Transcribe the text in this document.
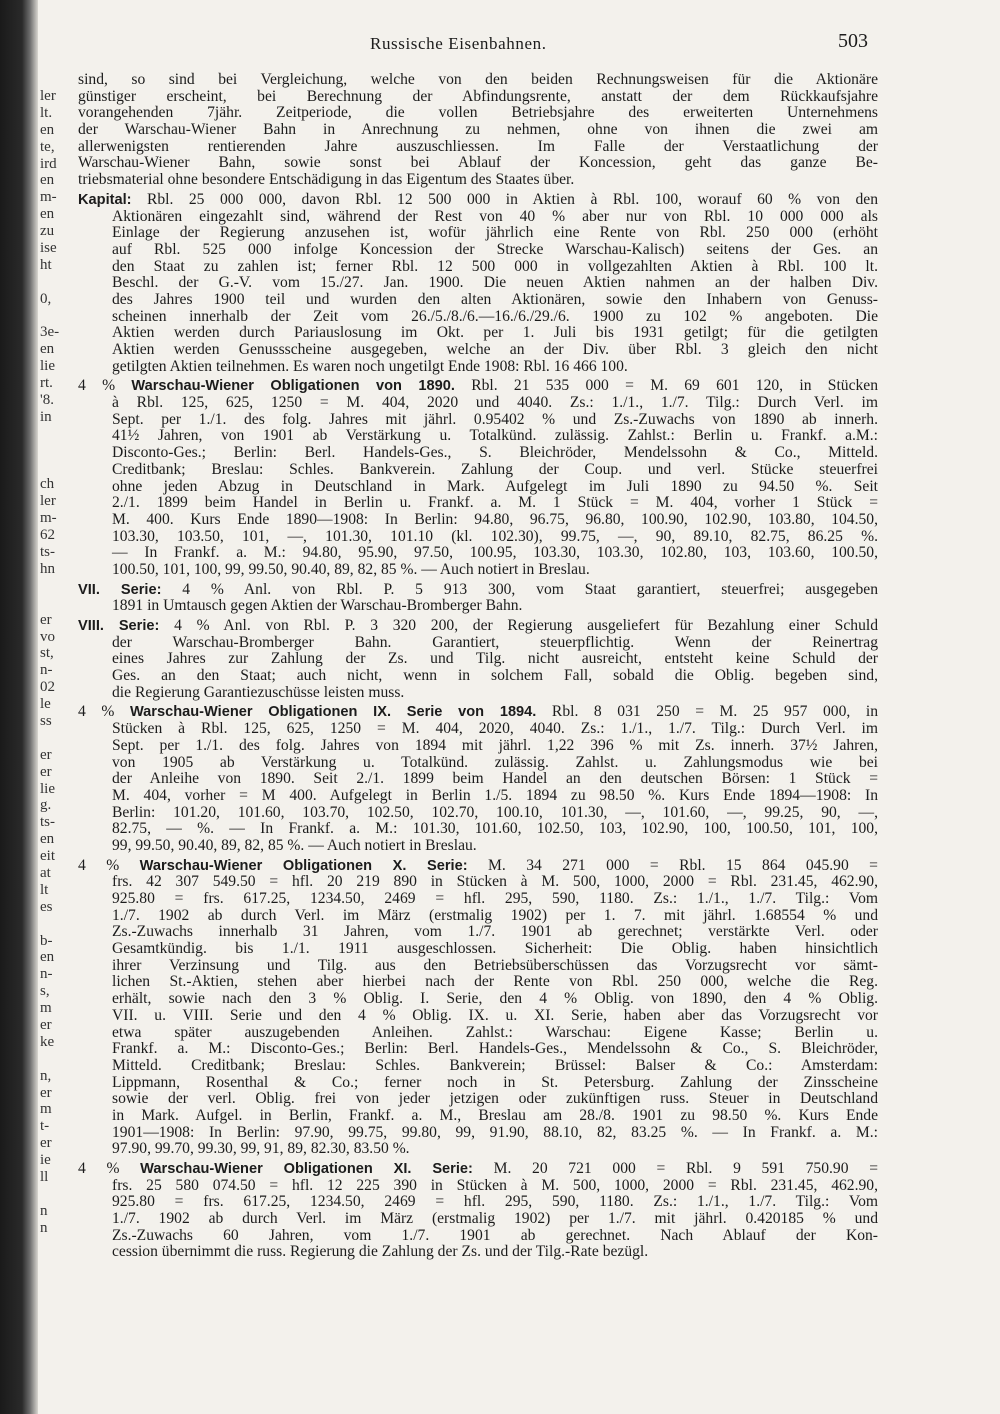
ler
lt.
en
te,
ird
en
m-
en
zu
ise
ht
0,
3e-
en
lie
rt.
'8.
in
ch
ler
m-
62
ts-
hn
er
vo
st,
n-
02
le
ss
er
er
lie
g.
ts-
en
eit
at
lt
es
b-
en
n-
s,
m
er
ke
n,
er
m
t-
er
ie
ll
n
n
Russische Eisenbahnen.	503
sind, so sind bei Vergleichung, welche von den beiden Rechnungsweisen für die Aktionäre
günstiger erscheint, bei Berechnung der Abfindungsrente, anstatt der dem Rückkaufsjahre
vorangehenden 7jähr. Zeitperiode, die vollen Betriebsjahre des erweiterten Unternehmens
der Warschau-Wiener Bahn in Anrechnung zu nehmen, ohne von ihnen die zwei am
allerwenigsten rentierenden Jahre auszuschliessen. Im Falle der Verstaatlichung der
Warschau-Wiener Bahn, sowie sonst bei Ablauf der Koncession, geht das ganze Be-
triebsmaterial ohne besondere Entschädigung in das Eigentum des Staates über.
Kapital: Rbl. 25 000 000, davon Rbl. 12 500 000 in Aktien à Rbl. 100, worauf 60 % von den
Aktionären eingezahlt sind, während der Rest von 40 % aber nur von Rbl. 10 000 000 als
Einlage der Regierung anzusehen ist, wofür jährlich eine Rente von Rbl. 250 000 (erhöht
auf Rbl. 525 000 infolge Koncession der Strecke Warschau-Kalisch) seitens der Ges. an
den Staat zu zahlen ist; ferner Rbl. 12 500 000 in vollgezahlten Aktien à Rbl. 100 lt.
Beschl. der G.-V. vom 15./27. Jan. 1900. Die neuen Aktien nahmen an der halben Div.
des Jahres 1900 teil und wurden den alten Aktionären, sowie den Inhabern von Genuss-
scheinen innerhalb der Zeit vom 26./5./8./6.—16./6./29./6. 1900 zu 102 % angeboten. Die
Aktien werden durch Pariauslosung im Okt. per 1. Juli bis 1931 getilgt; für die getilgten
Aktien werden Genussscheine ausgegeben, welche an der Div. über Rbl. 3 gleich den nicht
getilgten Aktien teilnehmen. Es waren noch ungetilgt Ende 1908: Rbl. 16 466 100.
4 % Warschau-Wiener Obligationen von 1890. Rbl. 21 535 000 = M. 69 601 120, in Stücken
à Rbl. 125, 625, 1250 = M. 404, 2020 und 4040. Zs.: 1./1., 1./7. Tilg.: Durch Verl. im
Sept. per 1./1. des folg. Jahres mit jährl. 0.95402 % und Zs.-Zuwachs von 1890 ab innerh.
41½ Jahren, von 1901 ab Verstärkung u. Totalkünd. zulässig. Zahlst.: Berlin u. Frankf. a.M.:
Disconto-Ges.; Berlin: Berl. Handels-Ges., S. Bleichröder, Mendelssohn & Co., Mitteld.
Creditbank; Breslau: Schles. Bankverein. Zahlung der Coup. und verl. Stücke steuerfrei
ohne jeden Abzug in Deutschland in Mark. Aufgelegt im Juli 1890 zu 94.50 %. Seit
2./1. 1899 beim Handel in Berlin u. Frankf. a. M. 1 Stück = M. 404, vorher 1 Stück =
M. 400. Kurs Ende 1890—1908: In Berlin: 94.80, 96.75, 96.80, 100.90, 102.90, 103.80, 104.50,
103.30, 103.50, 101, —, 101.30, 101.10 (kl. 102.30), 99.75, —, 90, 89.10, 82.75, 86.25 %.
— In Frankf. a. M.: 94.80, 95.90, 97.50, 100.95, 103.30, 103.30, 102.80, 103, 103.60, 100.50,
100.50, 101, 100, 99, 99.50, 90.40, 89, 82, 85 %. — Auch notiert in Breslau.
VII. Serie: 4 % Anl. von Rbl. P. 5 913 300, vom Staat garantiert, steuerfrei; ausgegeben
1891 in Umtausch gegen Aktien der Warschau-Bromberger Bahn.
VIII. Serie: 4 % Anl. von Rbl. P. 3 320 200, der Regierung ausgeliefert für Bezahlung einer Schuld
der Warschau-Bromberger Bahn. Garantiert, steuerpflichtig. Wenn der Reinertrag
eines Jahres zur Zahlung der Zs. und Tilg. nicht ausreicht, entsteht keine Schuld der
Ges. an den Staat; auch nicht, wenn in solchem Fall, sobald die Oblig. begeben sind,
die Regierung Garantiezuschüsse leisten muss.
4 % Warschau-Wiener Obligationen IX. Serie von 1894. Rbl. 8 031 250 = M. 25 957 000, in
Stücken à Rbl. 125, 625, 1250 = M. 404, 2020, 4040. Zs.: 1./1., 1./7. Tilg.: Durch Verl. im
Sept. per 1./1. des folg. Jahres von 1894 mit jährl. 1,22 396 % mit Zs. innerh. 37½ Jahren,
von 1905 ab Verstärkung u. Totalkünd. zulässig. Zahlst. u. Zahlungsmodus wie bei
der Anleihe von 1890. Seit 2./1. 1899 beim Handel an den deutschen Börsen: 1 Stück =
M. 404, vorher = M 400. Aufgelegt in Berlin 1./5. 1894 zu 98.50 %. Kurs Ende 1894—1908: In
Berlin: 101.20, 101.60, 103.70, 102.50, 102.70, 100.10, 101.30, —, 101.60, —, 99.25, 90, —,
82.75, — %. — In Frankf. a. M.: 101.30, 101.60, 102.50, 103, 102.90, 100, 100.50, 101, 100,
99, 99.50, 90.40, 89, 82, 85 %. — Auch notiert in Breslau.
4 % Warschau-Wiener Obligationen X. Serie: M. 34 271 000 = Rbl. 15 864 045.90 =
frs. 42 307 549.50 = hfl. 20 219 890 in Stücken à M. 500, 1000, 2000 = Rbl. 231.45, 462.90,
925.80 = frs. 617.25, 1234.50, 2469 = hfl. 295, 590, 1180. Zs.: 1./1., 1./7. Tilg.: Vom
1./7. 1902 ab durch Verl. im März (erstmalig 1902) per 1. 7. mit jährl. 1.68554 % und
Zs.-Zuwachs innerhalb 31 Jahren, vom 1./7. 1901 ab gerechnet; verstärkte Verl. oder
Gesamtkündig. bis 1./1. 1911 ausgeschlossen. Sicherheit: Die Oblig. haben hinsichtlich
ihrer Verzinsung und Tilg. aus den Betriebsüberschüssen das Vorzugsrecht vor sämt-
lichen St.-Aktien, stehen aber hierbei nach der Rente von Rbl. 250 000, welche die Reg.
erhält, sowie nach den 3 % Oblig. I. Serie, den 4 % Oblig. von 1890, den 4 % Oblig.
VII. u. VIII. Serie und den 4 % Oblig. IX. u. XI. Serie, haben aber das Vorzugsrecht vor
etwa später auszugebenden Anleihen. Zahlst.: Warschau: Eigene Kasse; Berlin u.
Frankf. a. M.: Disconto-Ges.; Berlin: Berl. Handels-Ges., Mendelssohn & Co., S. Bleichröder,
Mitteld. Creditbank; Breslau: Schles. Bankverein; Brüssel: Balser & Co.: Amsterdam:
Lippmann, Rosenthal & Co.; ferner noch in St. Petersburg. Zahlung der Zinsscheine
sowie der verl. Oblig. frei von jeder jetzigen oder zukünftigen russ. Steuer in Deutschland
in Mark. Aufgel. in Berlin, Frankf. a. M., Breslau am 28./8. 1901 zu 98.50 %. Kurs Ende
1901—1908: In Berlin: 97.90, 99.75, 99.80, 99, 91.90, 88.10, 82, 83.25 %. — In Frankf. a. M.:
97.90, 99.70, 99.30, 99, 91, 89, 82.30, 83.50 %.
4 % Warschau-Wiener Obligationen XI. Serie: M. 20 721 000 = Rbl. 9 591 750.90 =
frs. 25 580 074.50 = hfl. 12 225 390 in Stücken à M. 500, 1000, 2000 = Rbl. 231.45, 462.90,
925.80 = frs. 617.25, 1234.50, 2469 = hfl. 295, 590, 1180. Zs.: 1./1., 1./7. Tilg.: Vom
1./7. 1902 ab durch Verl. im März (erstmalig 1902) per 1./7. mit jährl. 0.420185 % und
Zs.-Zuwachs 60 Jahren, vom 1./7. 1901 ab gerechnet. Nach Ablauf der Kon-
cession übernimmt die russ. Regierung die Zahlung der Zs. und der Tilg.-Rate bezügl.
